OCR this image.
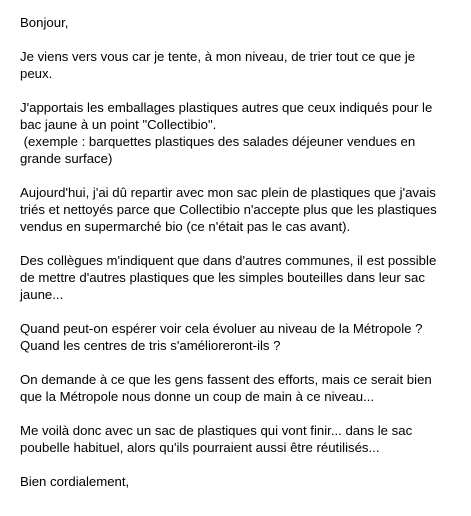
Bonjour,

Je viens vers vous car je tente, à mon niveau, de trier tout ce que je
peux.

J'apportais les emballages plastiques autres que ceux indiqués pour le
bac jaune à un point "Collectibio".
(exemple : barquettes plastiques des salades déjeuner vendues en
grande surface)

Aujourd'hui, j'ai dû repartir avec mon sac plein de plastiques que j'avais
triés et nettoyés parce que Collectibio n'accepte plus que les plastiques
vendus en supermarché bio (ce n'était pas le cas avant).

Des collègues m'indiquent que dans d'autres communes, il est possible
de mettre d'autres plastiques que les simples bouteilles dans leur sac
jaune...

Quand peut-on espérer voir cela évoluer au niveau de la Métropole ?
Quand les centres de tris s'amélioreront-ils ?

On demande à ce que les gens fassent des efforts, mais ce serait bien
que la Métropole nous donne un coup de main à ce niveau...

Me voilà donc avec un sac de plastiques qui vont finir... dans le sac
poubelle habituel, alors qu'ils pourraient aussi être réutilisés...

Bien cordialement,
